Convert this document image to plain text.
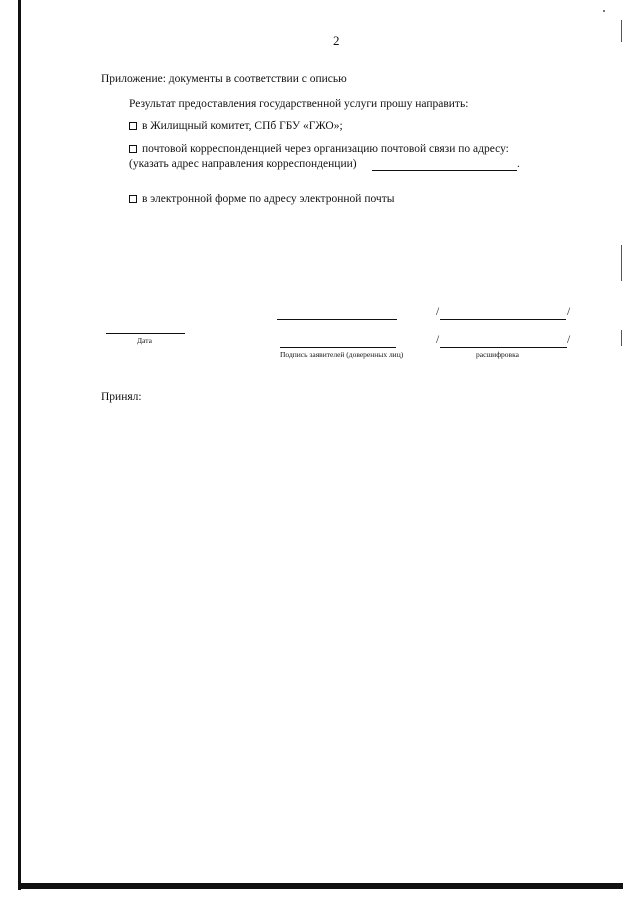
2
Приложение: документы в соответствии с описью
Результат предоставления государственной услуги прошу направить:
в Жилищный комитет, СПб ГБУ «ГЖО»;
почтовой корреспонденцией через организацию почтовой связи по адресу:
(указать адрес направления корреспонденции)	.
в электронной форме по адресу электронной почты
/	/
Дата	/	/
Подпись заявителей (доверенных лиц)	расшифровка
Принял:
